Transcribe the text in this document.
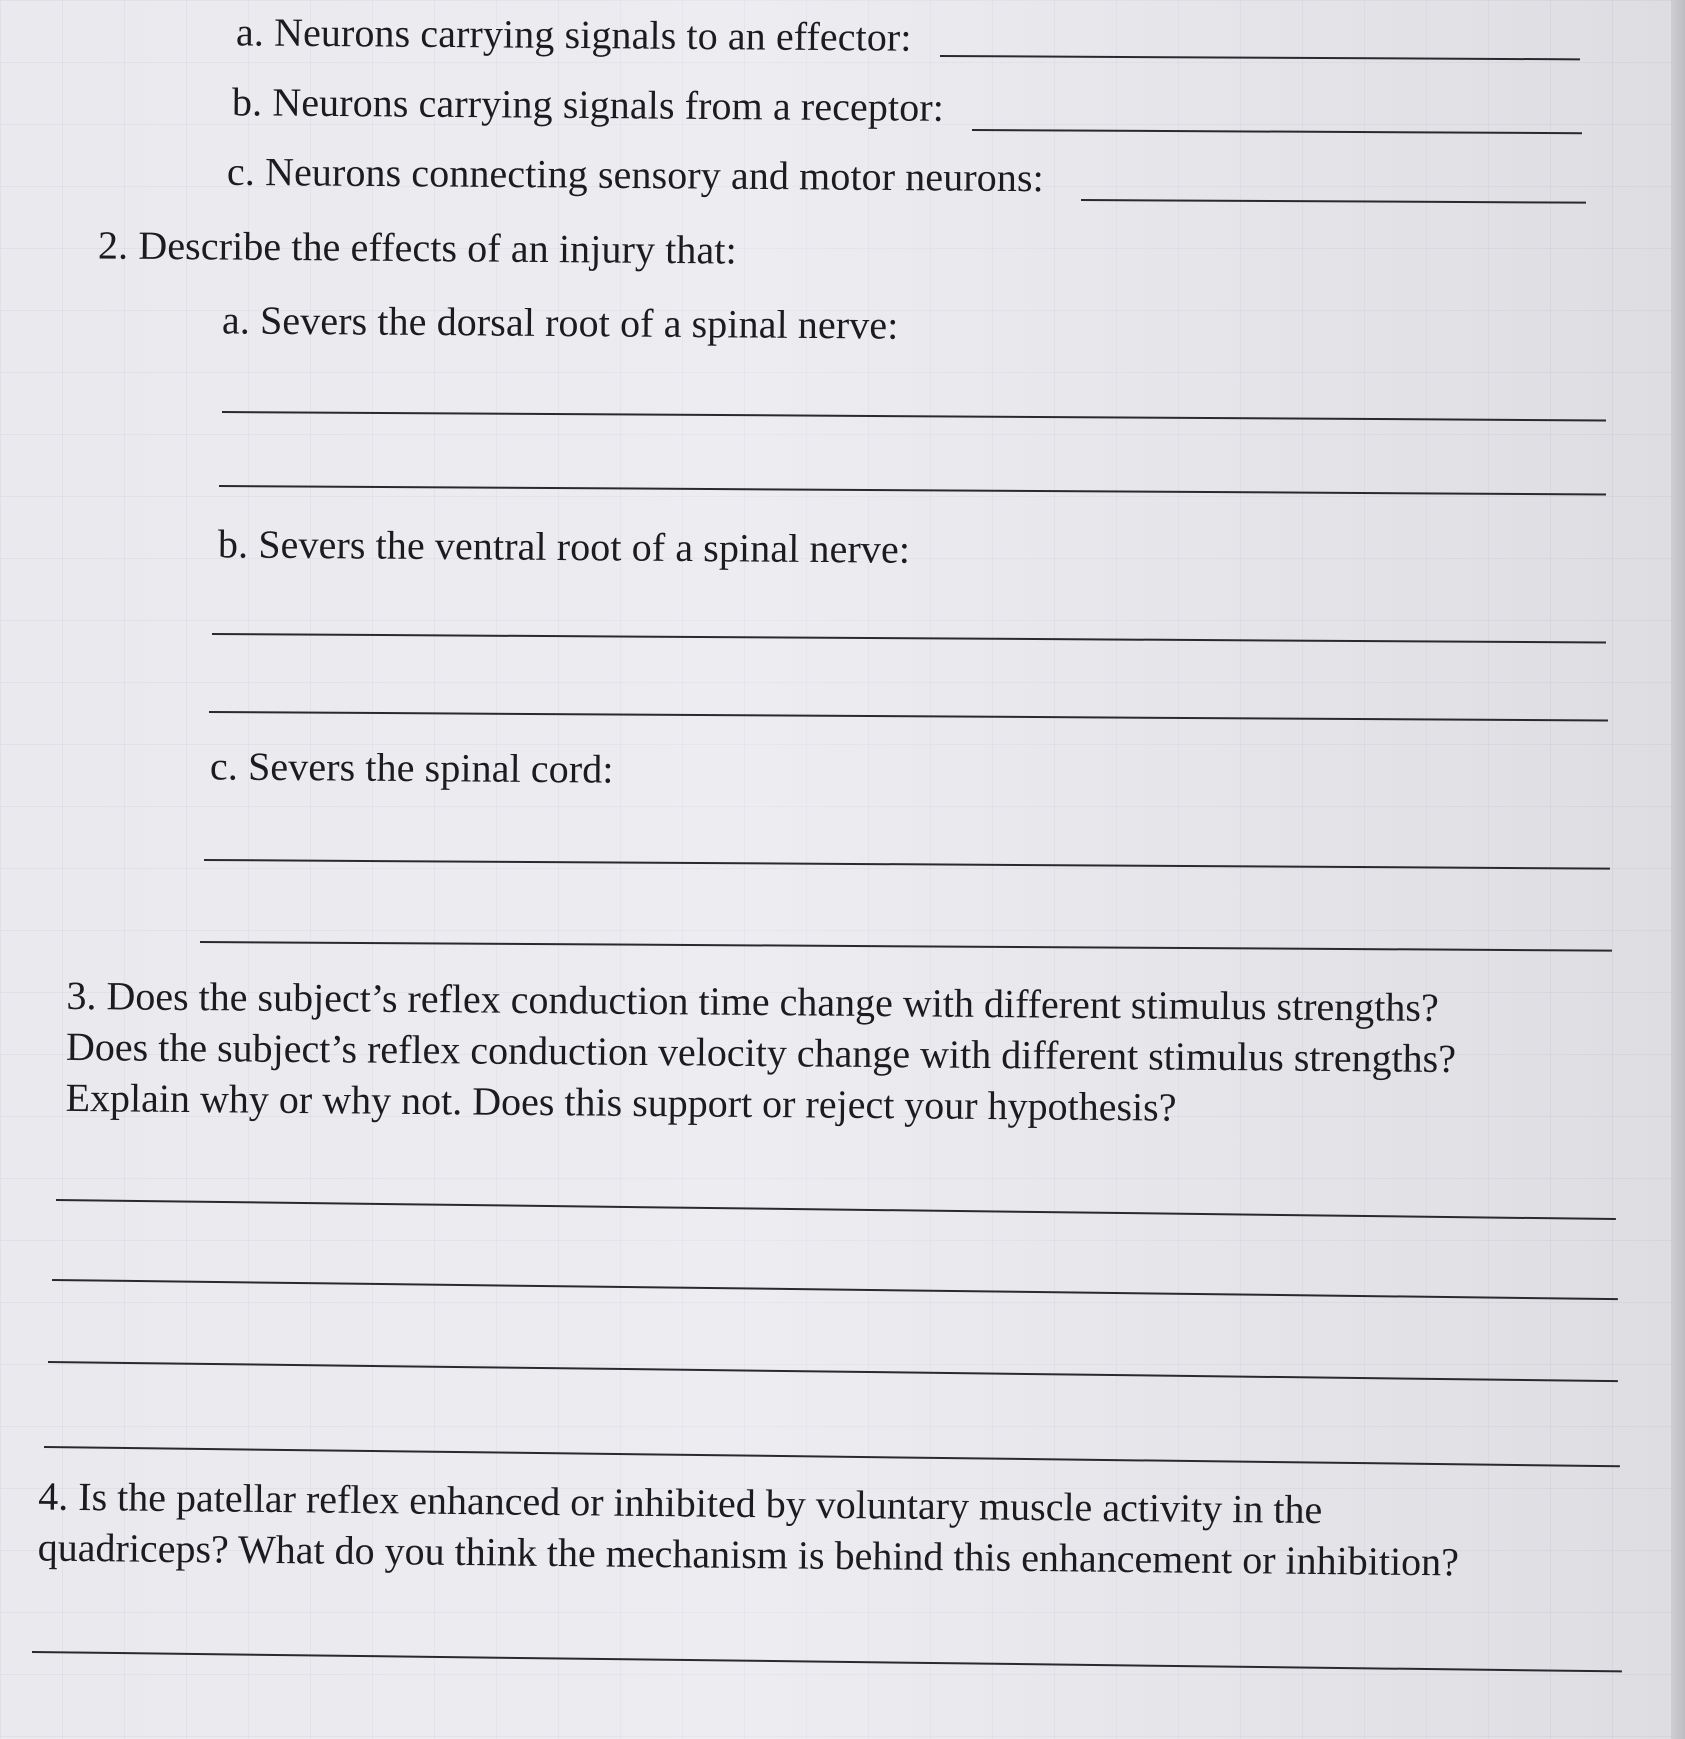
a. Neurons carrying signals to an effector:
b. Neurons carrying signals from a receptor:
c. Neurons connecting sensory and motor neurons:
2. Describe the effects of an injury that:
a. Severs the dorsal root of a spinal nerve:
b. Severs the ventral root of a spinal nerve:
c. Severs the spinal cord:
3. Does the subject’s reflex conduction time change with different stimulus strengths?
Does the subject’s reflex conduction velocity change with different stimulus strengths?
Explain why or why not. Does this support or reject your hypothesis?
4. Is the patellar reflex enhanced or inhibited by voluntary muscle activity in the
quadriceps? What do you think the mechanism is behind this enhancement or inhibition?
